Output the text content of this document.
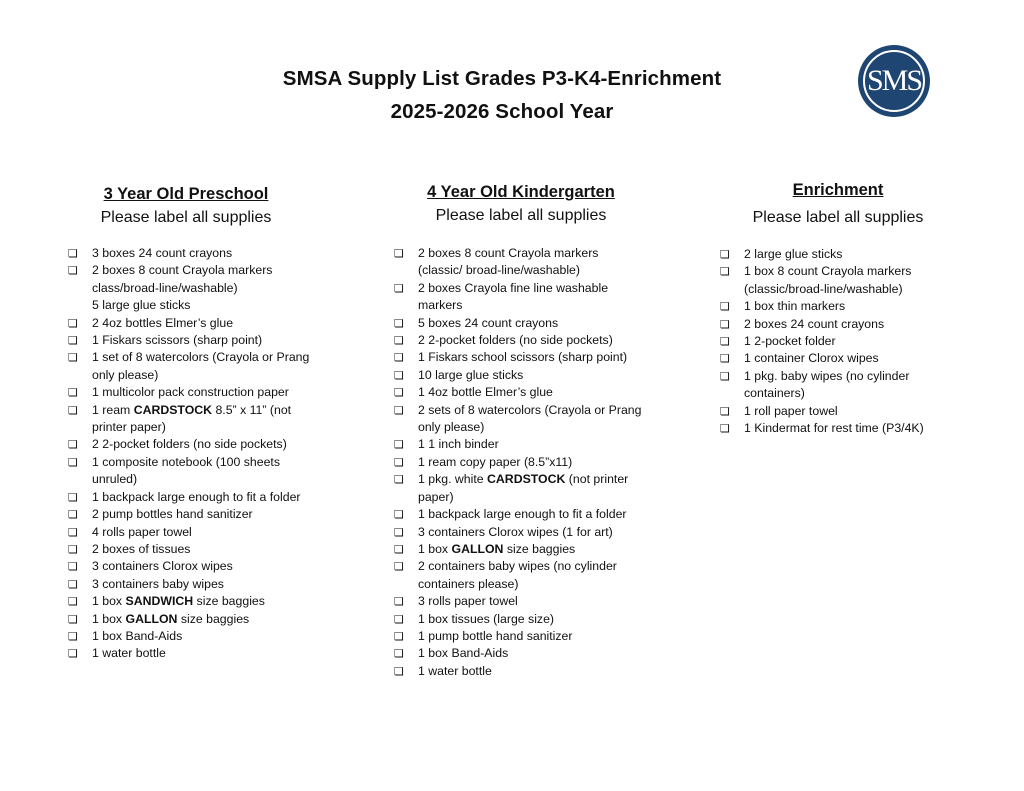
SMSA Supply List Grades P3-K4-Enrichment
2025-2026 School Year
SMS
3 Year Old Preschool
Please label all supplies
❏ 3 boxes 24 count crayons
❏ 2 boxes 8 count Crayola markers
class/broad-line/washable)
5 large glue sticks
❏ 2 4oz bottles Elmer’s glue
❏ 1 Fiskars scissors (sharp point)
❏ 1 set of 8 watercolors (Crayola or Prang
only please)
❏ 1 multicolor pack construction paper
❏ 1 ream CARDSTOCK 8.5” x 11” (not
printer paper)
❏ 2 2-pocket folders (no side pockets)
❏ 1 composite notebook (100 sheets
unruled)
❏ 1 backpack large enough to fit a folder
❏ 2 pump bottles hand sanitizer
❏ 4 rolls paper towel
❏ 2 boxes of tissues
❏ 3 containers Clorox wipes
❏ 3 containers baby wipes
❏ 1 box SANDWICH size baggies
❏ 1 box GALLON size baggies
❏ 1 box Band-Aids
❏ 1 water bottle
4 Year Old Kindergarten
Please label all supplies
❏ 2 boxes 8 count Crayola markers
(classic/ broad-line/washable)
❏ 2 boxes Crayola fine line washable
markers
❏ 5 boxes 24 count crayons
❏ 2 2-pocket folders (no side pockets)
❏ 1 Fiskars school scissors (sharp point)
❏ 10 large glue sticks
❏ 1 4oz bottle Elmer’s glue
❏ 2 sets of 8 watercolors (Crayola or Prang
only please)
❏ 1 1 inch binder
❏ 1 ream copy paper (8.5”x11)
❏ 1 pkg. white CARDSTOCK (not printer
paper)
❏ 1 backpack large enough to fit a folder
❏ 3 containers Clorox wipes (1 for art)
❏ 1 box GALLON size baggies
❏ 2 containers baby wipes (no cylinder
containers please)
❏ 3 rolls paper towel
❏ 1 box tissues (large size)
❏ 1 pump bottle hand sanitizer
❏ 1 box Band-Aids
❏ 1 water bottle
Enrichment
Please label all supplies
❏ 2 large glue sticks
❏ 1 box 8 count Crayola markers
(classic/broad-line/washable)
❏ 1 box thin markers
❏ 2 boxes 24 count crayons
❏ 1 2-pocket folder
❏ 1 container Clorox wipes
❏ 1 pkg. baby wipes (no cylinder
containers)
❏ 1 roll paper towel
❏ 1 Kindermat for rest time (P3/4K)
